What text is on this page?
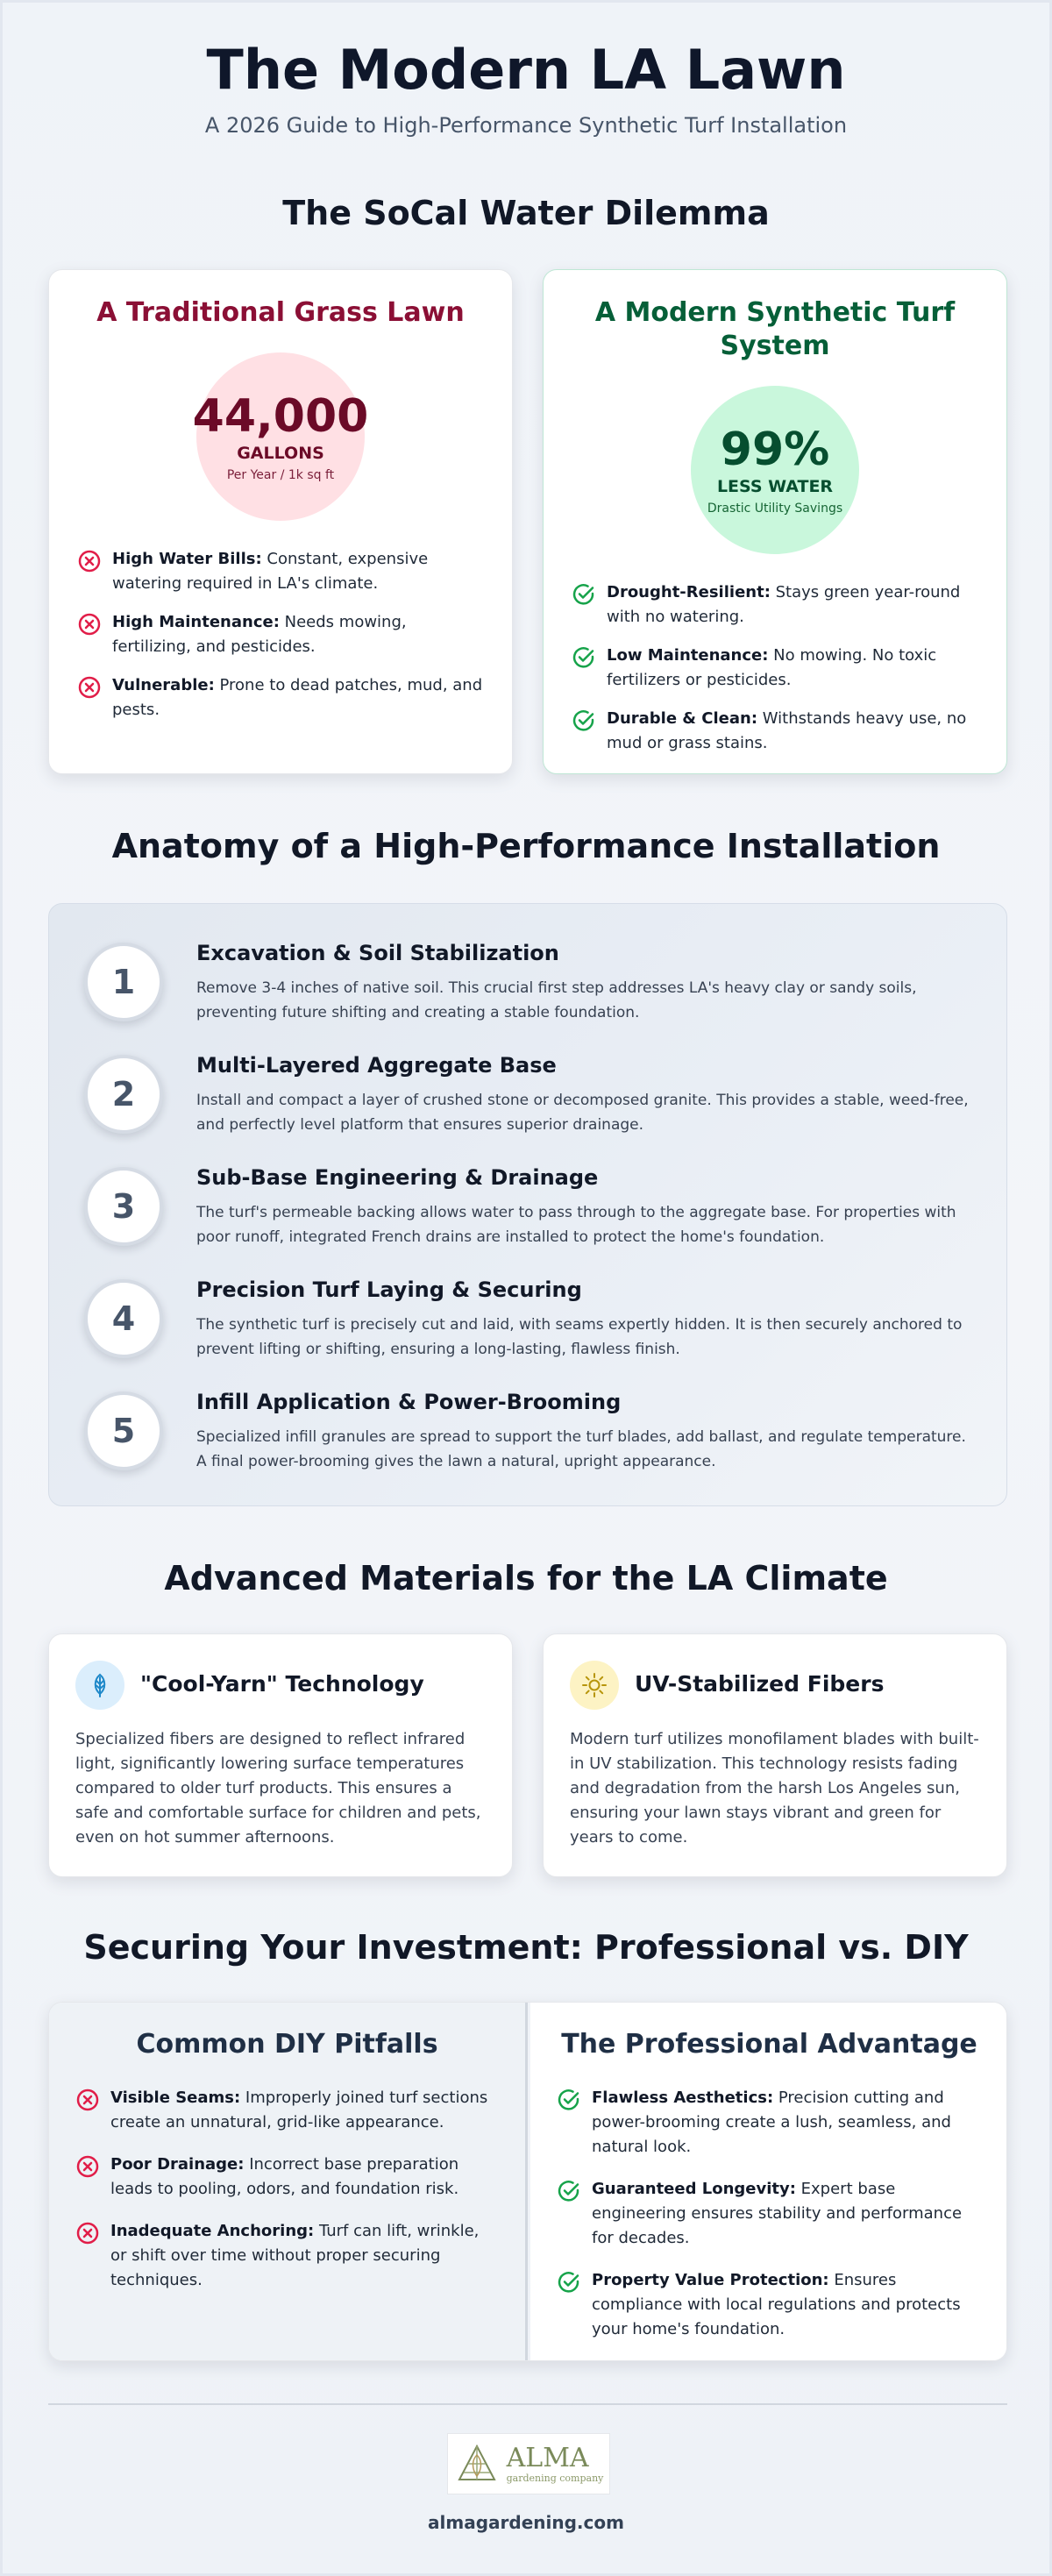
The Modern LA Lawn
A 2026 Guide to High-Performance Synthetic Turf Installation
The SoCal Water Dilemma
A Traditional Grass Lawn
44,000
GALLONS
Per Year / 1k sq ft
High Water Bills: Constant, expensive watering required in LA's climate.
High Maintenance: Needs mowing, fertilizing, and pesticides.
Vulnerable: Prone to dead patches, mud, and pests.
A Modern Synthetic Turf System
99%
LESS WATER
Drastic Utility Savings
Drought-Resilient: Stays green year-round with no watering.
Low Maintenance: No mowing. No toxic fertilizers or pesticides.
Durable & Clean: Withstands heavy use, no mud or grass stains.
Anatomy of a High-Performance Installation
1
Excavation & Soil Stabilization
Remove 3-4 inches of native soil. This crucial first step addresses LA's heavy clay or sandy soils, preventing future shifting and creating a stable foundation.
2
Multi-Layered Aggregate Base
Install and compact a layer of crushed stone or decomposed granite. This provides a stable, weed-free, and perfectly level platform that ensures superior drainage.
3
Sub-Base Engineering & Drainage
The turf's permeable backing allows water to pass through to the aggregate base. For properties with poor runoff, integrated French drains are installed to protect the home's foundation.
4
Precision Turf Laying & Securing
The synthetic turf is precisely cut and laid, with seams expertly hidden. It is then securely anchored to prevent lifting or shifting, ensuring a long-lasting, flawless finish.
5
Infill Application & Power-Brooming
Specialized infill granules are spread to support the turf blades, add ballast, and regulate temperature. A final power-brooming gives the lawn a natural, upright appearance.
Advanced Materials for the LA Climate
"Cool-Yarn" Technology
Specialized fibers are designed to reflect infrared light, significantly lowering surface temperatures compared to older turf products. This ensures a safe and comfortable surface for children and pets, even on hot summer afternoons.
UV-Stabilized Fibers
Modern turf utilizes monofilament blades with built-in UV stabilization. This technology resists fading and degradation from the harsh Los Angeles sun, ensuring your lawn stays vibrant and green for years to come.
Securing Your Investment: Professional vs. DIY
Common DIY Pitfalls
Visible Seams: Improperly joined turf sections create an unnatural, grid-like appearance.
Poor Drainage: Incorrect base preparation leads to pooling, odors, and foundation risk.
Inadequate Anchoring: Turf can lift, wrinkle, or shift over time without proper securing techniques.
The Professional Advantage
Flawless Aesthetics: Precision cutting and power-brooming create a lush, seamless, and natural look.
Guaranteed Longevity: Expert base engineering ensures stability and performance for decades.
Property Value Protection: Ensures compliance with local regulations and protects your home's foundation.
ALMA
gardening company
almagardening.com
